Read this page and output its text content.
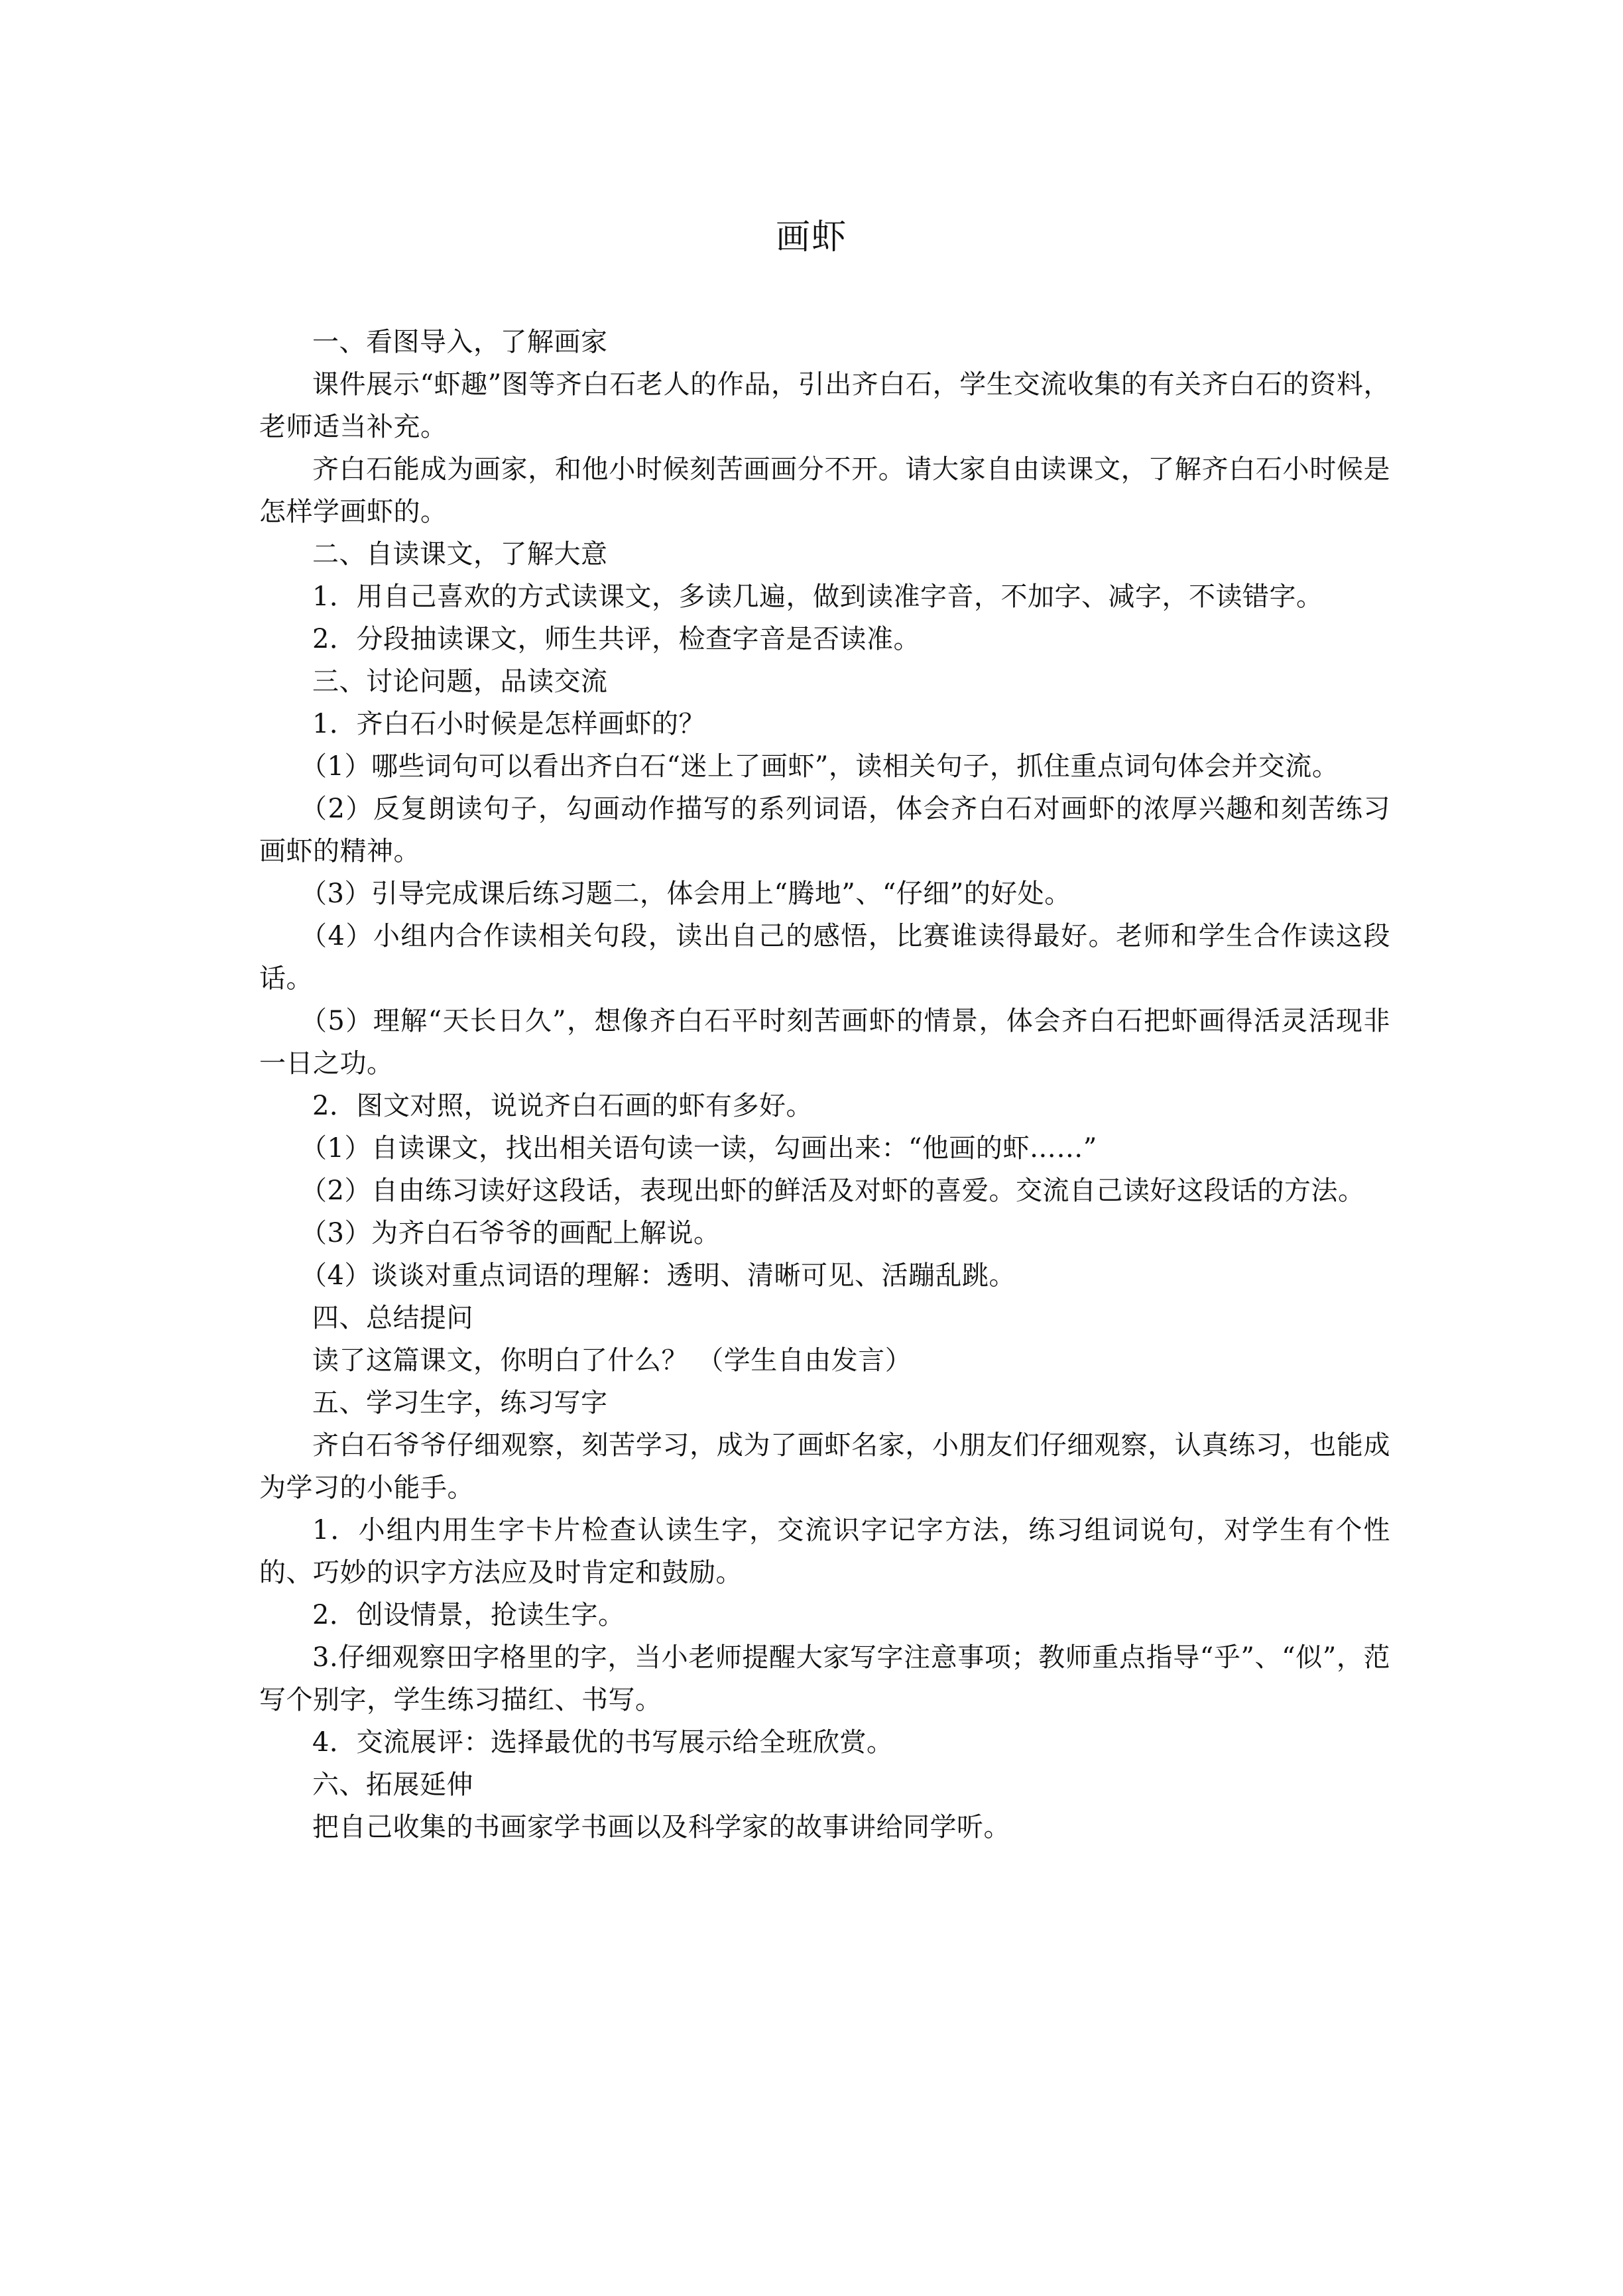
画虾

一、看图导入，了解画家

课件展示“虾趣”图等齐白石老人的作品，引出齐白石，学生交流收集的有关齐白石的资料，老师适当补充。

齐白石能成为画家，和他小时候刻苦画画分不开。请大家自由读课文，了解齐白石小时候是怎样学画虾的。

二、自读课文，了解大意

1．用自己喜欢的方式读课文，多读几遍，做到读准字音，不加字、减字，不读错字。

2．分段抽读课文，师生共评，检查字音是否读准。

三、讨论问题，品读交流

1．齐白石小时候是怎样画虾的？

（1）哪些词句可以看出齐白石“迷上了画虾”，读相关句子，抓住重点词句体会并交流。

（2）反复朗读句子，勾画动作描写的系列词语，体会齐白石对画虾的浓厚兴趣和刻苦练习画虾的精神。

（3）引导完成课后练习题二，体会用上“腾地”、“仔细”的好处。

（4）小组内合作读相关句段，读出自己的感悟，比赛谁读得最好。老师和学生合作读这段话。

（5）理解“天长日久”，想像齐白石平时刻苦画虾的情景，体会齐白石把虾画得活灵活现非一日之功。

2．图文对照，说说齐白石画的虾有多好。

（1）自读课文，找出相关语句读一读，勾画出来：“他画的虾……”

（2）自由练习读好这段话，表现出虾的鲜活及对虾的喜爱。交流自己读好这段话的方法。

（3）为齐白石爷爷的画配上解说。

（4）谈谈对重点词语的理解：透明、清晰可见、活蹦乱跳。

四、总结提问

读了这篇课文，你明白了什么？ （学生自由发言）

五、学习生字，练习写字

齐白石爷爷仔细观察，刻苦学习，成为了画虾名家，小朋友们仔细观察，认真练习，也能成为学习的小能手。

1．小组内用生字卡片检查认读生字，交流识字记字方法，练习组词说句，对学生有个性的、巧妙的识字方法应及时肯定和鼓励。

2．创设情景，抢读生字。

3.仔细观察田字格里的字，当小老师提醒大家写字注意事项；教师重点指导“乎”、“似”，范写个别字，学生练习描红、书写。

4．交流展评：选择最优的书写展示给全班欣赏。

六、拓展延伸

把自己收集的书画家学书画以及科学家的故事讲给同学听。
